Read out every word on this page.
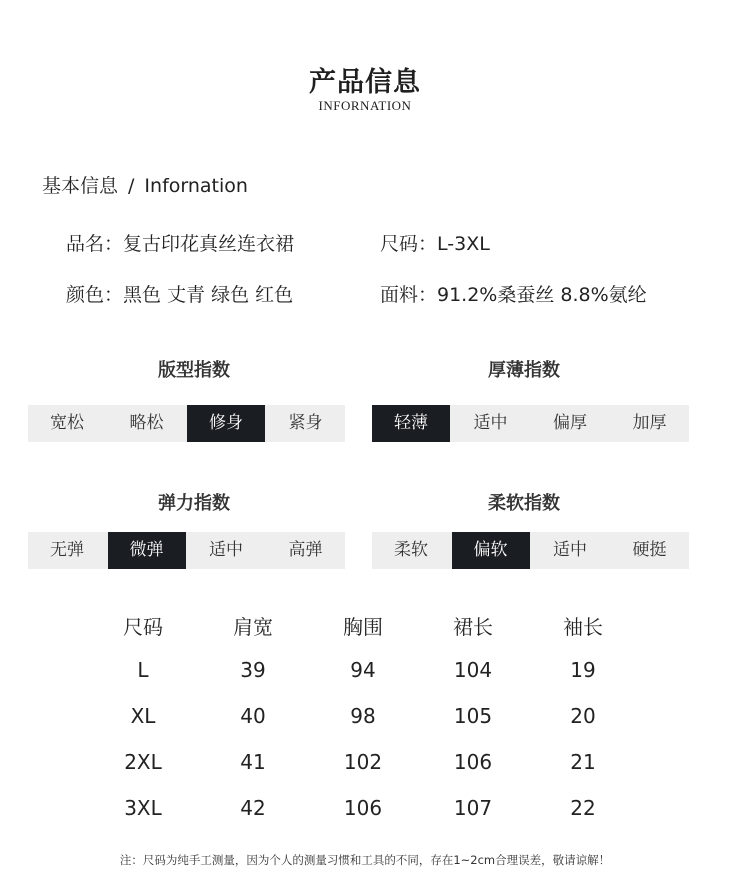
产品信息
INFORNATION
基本信息 / Infornation
品名：复古印花真丝连衣裙	尺码：L-3XL
颜色：黑色 丈青 绿色 红色	面料：91.2%桑蚕丝 8.8%氨纶
版型指数
宽松	略松	修身	紧身
厚薄指数
轻薄	适中	偏厚	加厚
弹力指数
无弹	微弹	适中	高弹
柔软指数
柔软	偏软	适中	硬挺
尺码	肩宽	胸围	裙长	袖长
L	39	94	104	19
XL	40	98	105	20
2XL	41	102	106	21
3XL	42	106	107	22
注：尺码为纯手工测量，因为个人的测量习惯和工具的不同，存在1~2cm合理误差，敬请谅解！
